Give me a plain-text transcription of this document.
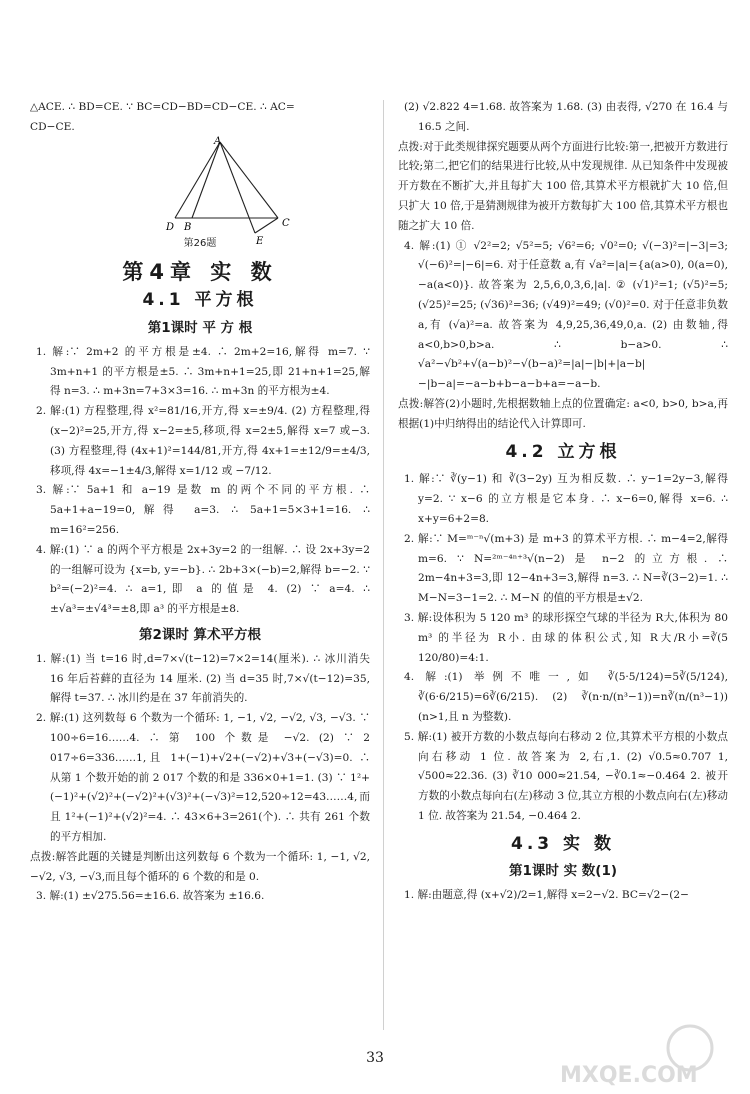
△ACE. ∴ BD=CE. ∵ BC=CD−BD=CD−CE. ∴ AC=

CD−CE.

A
D B	C
E
第26题
第4章 实 数
4.1 平方根
第1课时 平 方 根

1. 解:∵ 2m+2 的平方根是±4. ∴ 2m+2=16,解得 m=7. ∵ 3m+n+1 的平方根是±5. ∴ 3m+n+1=25,即 21+n+1=25,解得 n=3. ∴ m+3n=7+3×3=16. ∴ m+3n 的平方根为±4.

2. 解:(1) 方程整理,得 x²=81/16,开方,得 x=±9/4. (2) 方程整理,得 (x−2)²=25,开方,得 x−2=±5,移项,得 x=2±5,解得 x=7 或−3. (3) 方程整理,得 (4x+1)²=144/81,开方,得 4x+1=±12/9=±4/3,移项,得 4x=−1±4/3,解得 x=1/12 或 −7/12.

3. 解:∵ 5a+1 和 a−19 是数 m 的两个不同的平方根. ∴ 5a+1+a−19=0,解得 a=3. ∴ 5a+1=5×3+1=16. ∴ m=16²=256.

4. 解:(1) ∵ a 的两个平方根是 2x+3y=2 的一组解. ∴ 设 2x+3y=2 的一组解可设为 {x=b, y=−b}. ∴ 2b+3×(−b)=2,解得 b=−2. ∵ b²=(−2)²=4. ∴ a=1,即 a 的值是 4. (2) ∵ a=4. ∴ ±√a³=±√4³=±8,即 a³ 的平方根是±8.

第2课时 算术平方根

1. 解:(1) 当 t=16 时,d=7×√(t−12)=7×2=14(厘米). ∴ 冰川消失 16 年后苔藓的直径为 14 厘米. (2) 当 d=35 时,7×√(t−12)=35,解得 t=37. ∴ 冰川约是在 37 年前消失的.

2. 解:(1) 这列数每 6 个数为一个循环: 1, −1, √2, −√2, √3, −√3. ∵ 100÷6=16……4. ∴ 第 100 个数是 −√2. (2) ∵ 2 017÷6=336……1,且 1+(−1)+√2+(−√2)+√3+(−√3)=0. ∴ 从第 1 个数开始的前 2 017 个数的和是 336×0+1=1. (3) ∵ 1²+(−1)²+(√2)²+(−√2)²+(√3)²+(−√3)²=12,520÷12=43……4,而且 1²+(−1)²+(√2)²=4. ∴ 43×6+3=261(个). ∴ 共有 261 个数的平方相加.

点拨:解答此题的关键是判断出这列数每 6 个数为一个循环: 1, −1, √2, −√2, √3, −√3,而且每个循环的 6 个数的和是 0.

3. 解:(1) ±√275.56=±16.6. 故答案为 ±16.6.

(2) √2.822 4=1.68. 故答案为 1.68. (3) 由表得, √270 在 16.4 与 16.5 之间.

点拨:对于此类规律探究题要从两个方面进行比较:第一,把被开方数进行比较;第二,把它们的结果进行比较,从中发现规律. 从已知条件中发现被开方数在不断扩大,并且每扩大 100 倍,其算术平方根就扩大 10 倍,但只扩大 10 倍,于是猜测规律为被开方数每扩大 100 倍,其算术平方根也随之扩大 10 倍.

4. 解:(1) ① √2²=2; √5²=5; √6²=6; √0²=0; √(−3)²=|−3|=3; √(−6)²=|−6|=6. 对于任意数 a,有 √a²=|a|={a(a>0), 0(a=0), −a(a<0)}. 故答案为 2,5,6,0,3,6,|a|. ② (√1)²=1; (√5)²=5; (√25)²=25; (√36)²=36; (√49)²=49; (√0)²=0. 对于任意非负数 a,有 (√a)²=a. 故答案为 4,9,25,36,49,0,a. (2) 由数轴,得 a<0,b>0,b>a. ∴ b−a>0. ∴ √a²−√b²+√(a−b)²−√(b−a)²=|a|−|b|+|a−b|−|b−a|=−a−b+b−a−b+a=−a−b.

点拨:解答(2)小题时,先根据数轴上点的位置确定: a<0, b>0, b>a,再根据(1)中归纳得出的结论代入计算即可.

4.2 立方根

1. 解:∵ ∛(y−1) 和 ∛(3−2y) 互为相反数. ∴ y−1=2y−3,解得 y=2. ∵ x−6 的立方根是它本身. ∴ x−6=0,解得 x=6. ∴ x+y=6+2=8.

2. 解:∵ M=ᵐ⁻ⁿ√(m+3) 是 m+3 的算术平方根. ∴ m−4=2,解得 m=6. ∵ N=²ᵐ⁻⁴ⁿ⁺³√(n−2) 是 n−2 的立方根. ∴ 2m−4n+3=3,即 12−4n+3=3,解得 n=3. ∴ N=∛(3−2)=1. ∴ M−N=3−1=2. ∴ M−N 的值的平方根是±√2.

3. 解:设体积为 5 120 m³ 的球形探空气球的半径为 R大,体积为 80 m³ 的半径为 R小. 由球的体积公式,知 R大/R小=∛(5 120/80)=4:1.

4. 解:(1) 举例不唯一,如 ∛(5·5/124)=5∛(5/124), ∛(6·6/215)=6∛(6/215). (2) ∛(n·n/(n³−1))=n∛(n/(n³−1)) (n>1,且 n 为整数).

5. 解:(1) 被开方数的小数点每向右移动 2 位,其算术平方根的小数点向右移动 1 位. 故答案为 2,右,1. (2) √0.5≈0.707 1, √500≈22.36. (3) ∛10 000≈21.54, −∛0.1≈−0.464 2. 被开方数的小数点每向右(左)移动 3 位,其立方根的小数点向右(左)移动 1 位. 故答案为 21.54, −0.464 2.

4.3 实 数
第1课时 实 数(1)

1. 解:由题意,得 (x+√2)/2=1,解得 x=2−√2. BC=√2−(2−

33
MXQE.COM
